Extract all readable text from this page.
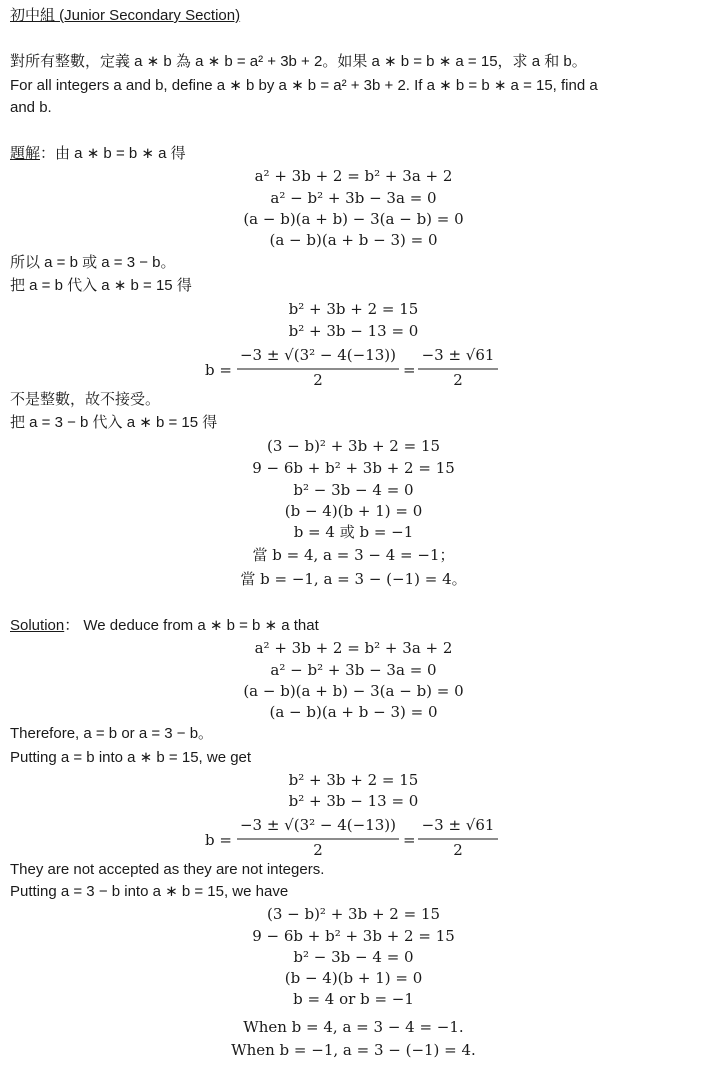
初中組 (Junior Secondary Section)
對所有整數，定義 a ∗ b 為 a ∗ b = a² + 3b + 2。如果 a ∗ b = b ∗ a = 15，求 a 和 b。
For all integers a and b, define a ∗ b by a ∗ b = a² + 3b + 2. If a ∗ b = b ∗ a = 15, find a
and b.
題解：由 a ∗ b = b ∗ a 得
a² + 3b + 2 = b² + 3a + 2
a² − b² + 3b − 3a = 0
(a − b)(a + b) − 3(a − b) = 0
(a − b)(a + b − 3) = 0
所以 a = b 或 a = 3 − b。
把 a = b 代入 a ∗ b = 15 得
b² + 3b + 2 = 15
b² + 3b − 13 = 0
b =
−3 ± √(3² − 4(−13))
2
=
−3 ± √61
2
不是整數，故不接受。
把 a = 3 − b 代入 a ∗ b = 15 得
(3 − b)² + 3b + 2 = 15
9 − 6b + b² + 3b + 2 = 15
b² − 3b − 4 = 0
(b − 4)(b + 1) = 0
b = 4 或 b = −1
當 b = 4, a = 3 − 4 = −1；
當 b = −1, a = 3 − (−1) = 4。
Solution： We deduce from a ∗ b = b ∗ a that
a² + 3b + 2 = b² + 3a + 2
a² − b² + 3b − 3a = 0
(a − b)(a + b) − 3(a − b) = 0
(a − b)(a + b − 3) = 0
Therefore, a = b or a = 3 − b。
Putting a = b into a ∗ b = 15, we get
b² + 3b + 2 = 15
b² + 3b − 13 = 0
b =
−3 ± √(3² − 4(−13))
2
=
−3 ± √61
2
They are not accepted as they are not integers.
Putting a = 3 − b into a ∗ b = 15, we have
(3 − b)² + 3b + 2 = 15
9 − 6b + b² + 3b + 2 = 15
b² − 3b − 4 = 0
(b − 4)(b + 1) = 0
b = 4 or b = −1
When b = 4, a = 3 − 4 = −1.
When b = −1, a = 3 − (−1) = 4.
